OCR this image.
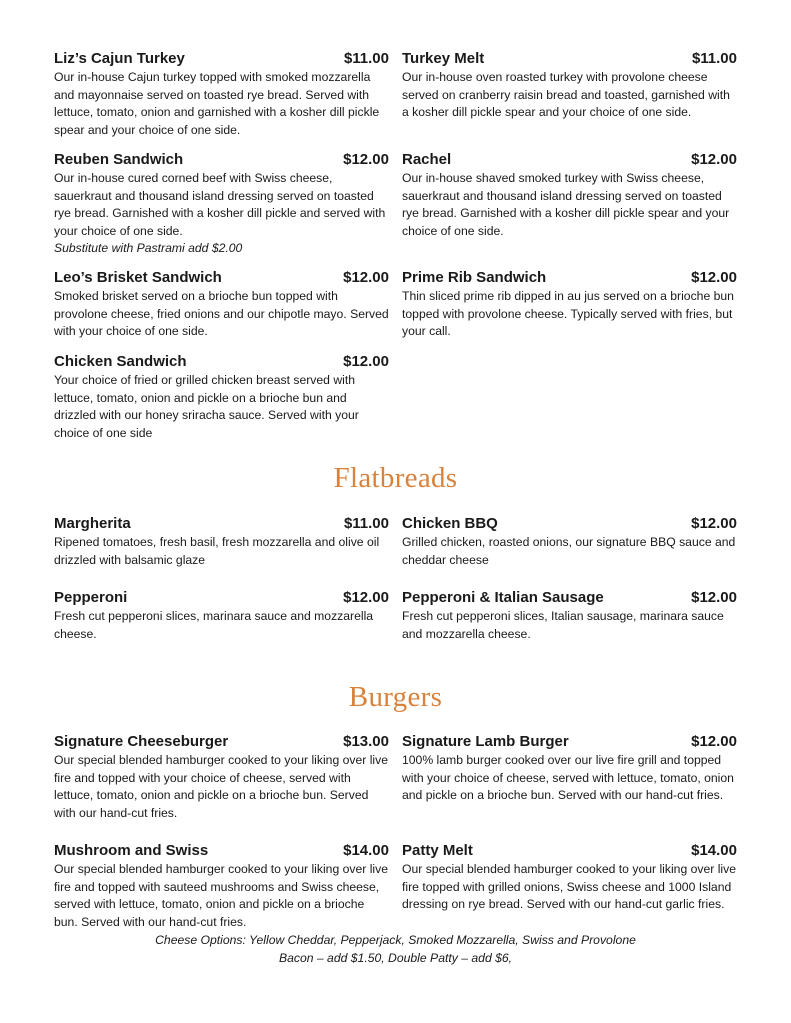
Liz’s Cajun Turkey	$11.00
Our in-house Cajun turkey topped with smoked mozzarella and mayonnaise served on toasted rye bread. Served with lettuce, tomato, onion and garnished with a kosher dill pickle spear and your choice of one side.
Turkey Melt	$11.00
Our in-house oven roasted turkey with provolone cheese served on cranberry raisin bread and toasted, garnished with a kosher dill pickle spear and your choice of one side.
Reuben Sandwich	$12.00
Our in-house cured corned beef with Swiss cheese, sauerkraut and thousand island dressing served on toasted rye bread. Garnished with a kosher dill pickle and served with your choice of one side.
Substitute with Pastrami add $2.00
Rachel	$12.00
Our in-house shaved smoked turkey with Swiss cheese, sauerkraut and thousand island dressing served on toasted rye bread. Garnished with a kosher dill pickle spear and your choice of one side.
Leo’s Brisket Sandwich	$12.00
Smoked brisket served on a brioche bun topped with provolone cheese, fried onions and our chipotle mayo. Served with your choice of one side.
Prime Rib Sandwich	$12.00
Thin sliced prime rib dipped in au jus served on a brioche bun topped with provolone cheese. Typically served with fries, but your call.
Chicken Sandwich	$12.00
Your choice of fried or grilled chicken breast served with lettuce, tomato, onion and pickle on a brioche bun and drizzled with our honey sriracha sauce. Served with your choice of one side
Flatbreads
Margherita	$11.00
Ripened tomatoes, fresh basil, fresh mozzarella and olive oil drizzled with balsamic glaze
Chicken BBQ	$12.00
Grilled chicken, roasted onions, our signature BBQ sauce and cheddar cheese
Pepperoni	$12.00
Fresh cut pepperoni slices, marinara sauce and mozzarella cheese.
Pepperoni & Italian Sausage	$12.00
Fresh cut pepperoni slices, Italian sausage, marinara sauce and mozzarella cheese.
Burgers
Signature Cheeseburger	$13.00
Our special blended hamburger cooked to your liking over live fire and topped with your choice of cheese, served with lettuce, tomato, onion and pickle on a brioche bun. Served with our hand-cut fries.
Signature Lamb Burger	$12.00
100% lamb burger cooked over our live fire grill and topped with your choice of cheese, served with lettuce, tomato, onion and pickle on a brioche bun. Served with our hand-cut fries.
Mushroom and Swiss	$14.00
Our special blended hamburger cooked to your liking over live fire and topped with sauteed mushrooms and Swiss cheese, served with lettuce, tomato, onion and pickle on a brioche bun. Served with our hand-cut fries.
Patty Melt	$14.00
Our special blended hamburger cooked to your liking over live fire topped with grilled onions, Swiss cheese and 1000 Island dressing on rye bread. Served with our hand-cut garlic fries.
Cheese Options: Yellow Cheddar, Pepperjack, Smoked Mozzarella, Swiss and Provolone
Bacon – add $1.50, Double Patty – add $6,
